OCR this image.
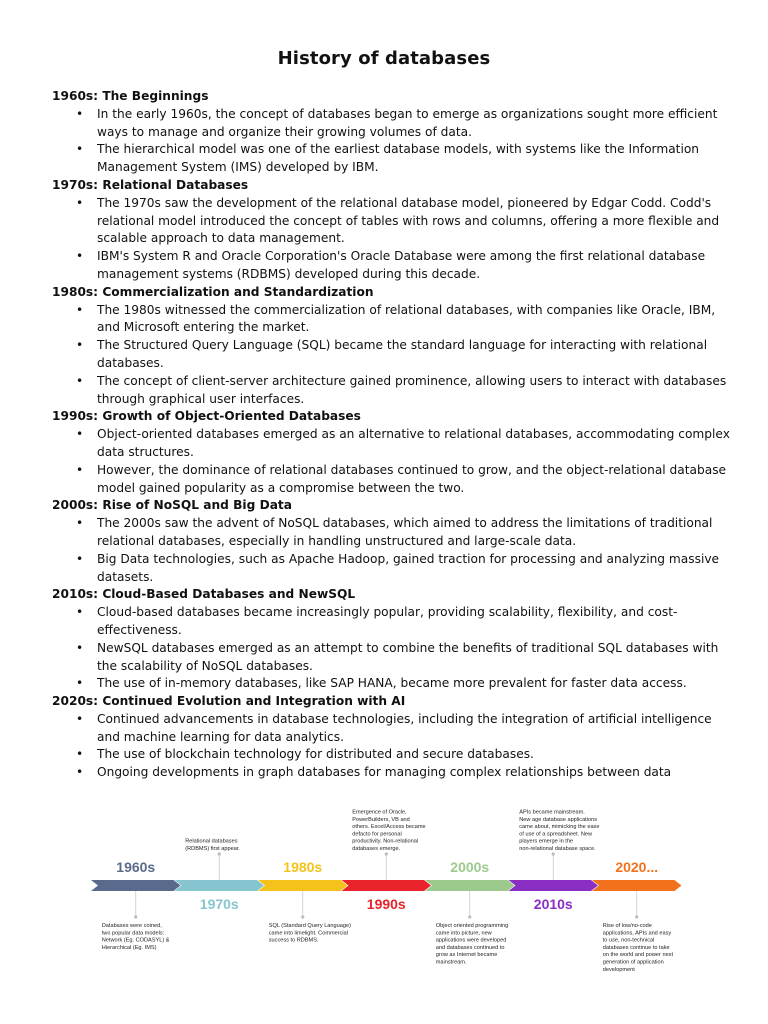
History of databases

1960s: The Beginnings

• In the early 1960s, the concept of databases began to emerge as organizations sought more efficient ways to manage and organize their growing volumes of data.
• The hierarchical model was one of the earliest database models, with systems like the Information Management System (IMS) developed by IBM.

1970s: Relational Databases

• The 1970s saw the development of the relational database model, pioneered by Edgar Codd. Codd's relational model introduced the concept of tables with rows and columns, offering a more flexible and scalable approach to data management.
• IBM's System R and Oracle Corporation's Oracle Database were among the first relational database management systems (RDBMS) developed during this decade.

1980s: Commercialization and Standardization

• The 1980s witnessed the commercialization of relational databases, with companies like Oracle, IBM, and Microsoft entering the market.
• The Structured Query Language (SQL) became the standard language for interacting with relational databases.
• The concept of client-server architecture gained prominence, allowing users to interact with databases through graphical user interfaces.

1990s: Growth of Object-Oriented Databases

• Object-oriented databases emerged as an alternative to relational databases, accommodating complex data structures.
• However, the dominance of relational databases continued to grow, and the object-relational database model gained popularity as a compromise between the two.

2000s: Rise of NoSQL and Big Data

• The 2000s saw the advent of NoSQL databases, which aimed to address the limitations of traditional relational databases, especially in handling unstructured and large-scale data.
• Big Data technologies, such as Apache Hadoop, gained traction for processing and analyzing massive datasets.

2010s: Cloud-Based Databases and NewSQL

• Cloud-based databases became increasingly popular, providing scalability, flexibility, and cost-effectiveness.
• NewSQL databases emerged as an attempt to combine the benefits of traditional SQL databases with the scalability of NoSQL databases.
• The use of in-memory databases, like SAP HANA, became more prevalent for faster data access.

2020s: Continued Evolution and Integration with AI

• Continued advancements in database technologies, including the integration of artificial intelligence and machine learning for data analytics.
• The use of blockchain technology for distributed and secure databases.
• Ongoing developments in graph databases for managing complex relationships between data
1960s
Databases were coined,
two popular data models:
Network (Eg. CODASYL) &
Hierarchical (Eg. IMS)
1970s
Relational databases
(RDBMS) first appear.
1980s
SQL (Standard Query Language)
came into limelight. Commercial
success to RDBMS.
1990s
Emergence of Oracle,
PowerBuilders, VB and
others. Excel/Access became
defacto for personal
productivity. Non-relational
databases emerge.
2000s
Object oriented programming
came into picture, new
applications were developed
and databases continued to
grow as Internet became
mainstream.
2010s
APIs became mainstream.
New age database applications
came about, mimicking the ease
of use of a spreadsheet. New
players emerge in the
non-relational database space.
2020...
Rise of low/no-code
applications, APIs and easy
to use, non-technical
databases continue to take
on the world and power next
generation of application
development
